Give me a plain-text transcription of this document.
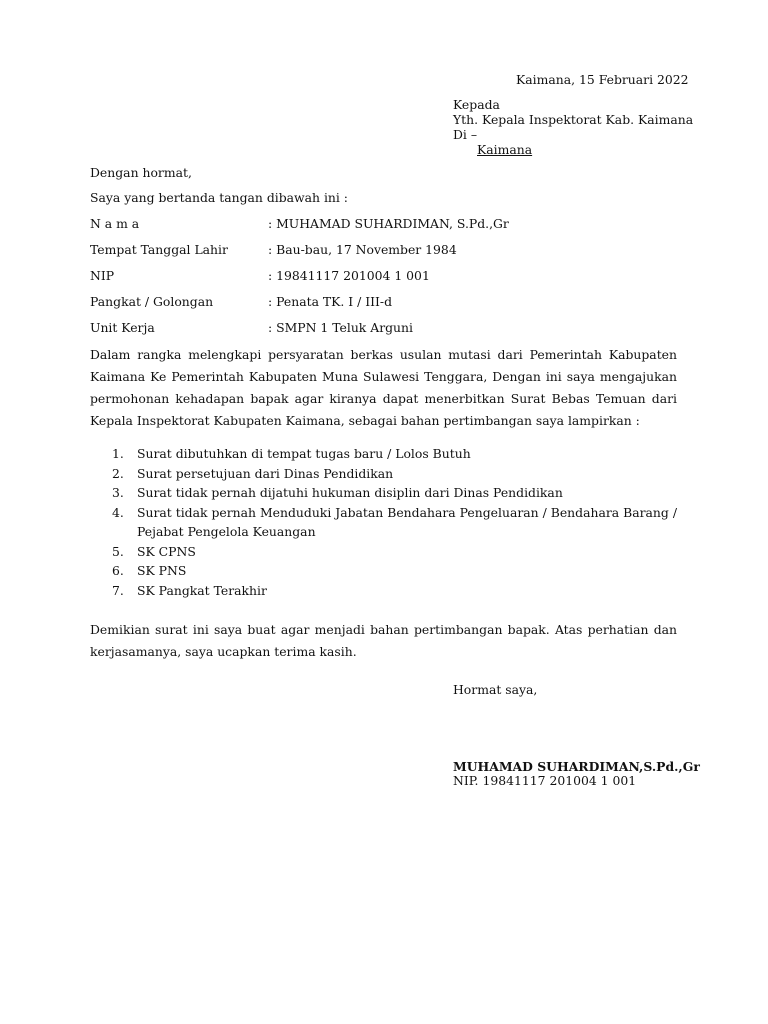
Kaimana, 15 Februari 2022
Kepada
Yth. Kepala Inspektorat Kab. Kaimana
Di –
Kaimana
Dengan hormat,
Saya yang bertanda tangan dibawah ini :
N a m a	: MUHAMAD SUHARDIMAN, S.Pd.,Gr
Tempat Tanggal Lahir	: Bau-bau, 17 November 1984
NIP	: 19841117 201004 1 001
Pangkat / Golongan	: Penata TK. I / III-d
Unit Kerja	: SMPN 1 Teluk Arguni
Dalam rangka melengkapi persyaratan berkas usulan mutasi dari Pemerintah Kabupaten Kaimana Ke Pemerintah Kabupaten Muna Sulawesi Tenggara, Dengan ini saya mengajukan permohonan kehadapan bapak agar kiranya dapat menerbitkan Surat Bebas Temuan dari Kepala Inspektorat Kabupaten Kaimana, sebagai bahan pertimbangan saya lampirkan :
1. Surat dibutuhkan di tempat tugas baru / Lolos Butuh
2. Surat persetujuan dari Dinas Pendidikan
3. Surat tidak pernah dijatuhi hukuman disiplin dari Dinas Pendidikan
4. Surat tidak pernah Menduduki Jabatan Bendahara Pengeluaran / Bendahara Barang / Pejabat Pengelola Keuangan
5. SK CPNS
6. SK PNS
7. SK Pangkat Terakhir
Demikian surat ini saya buat agar menjadi bahan pertimbangan bapak. Atas perhatian dan kerjasamanya, saya ucapkan terima kasih.
Hormat saya,
MUHAMAD SUHARDIMAN,S.Pd.,Gr
NIP. 19841117 201004 1 001
